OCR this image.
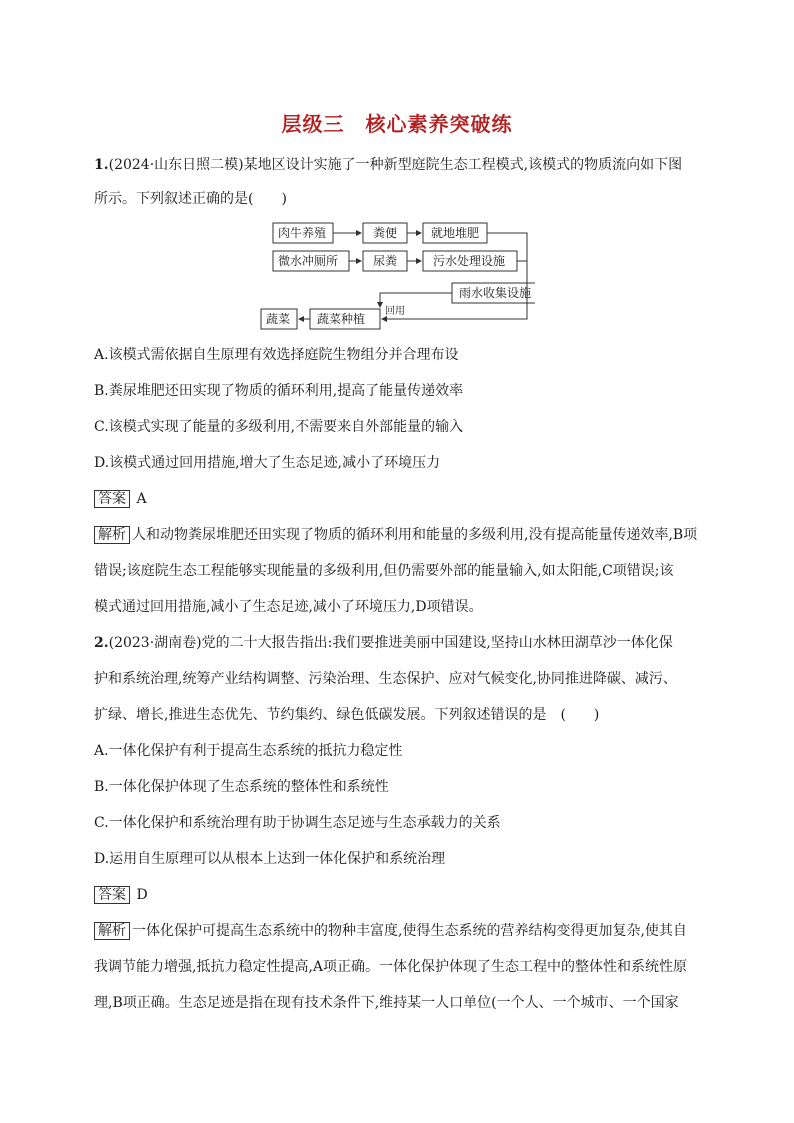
层级三　核心素养突破练
1.(2024·山东日照二模)某地区设计实施了一种新型庭院生态工程模式,该模式的物质流向如下图
所示。下列叙述正确的是(　　)
肉牛养殖	粪便	就地堆肥
微水冲厕所	尿粪	污水处理设施
雨水收集设施
蔬菜种植
蔬菜
回用
A.该模式需依据自生原理有效选择庭院生物组分并合理布设
B.粪尿堆肥还田实现了物质的循环利用,提高了能量传递效率
C.该模式实现了能量的多级利用,不需要来自外部能量的输入
D.该模式通过回用措施,增大了生态足迹,减小了环境压力
答案 A
解析 人和动物粪尿堆肥还田实现了物质的循环利用和能量的多级利用,没有提高能量传递效率,B项
错误;该庭院生态工程能够实现能量的多级利用,但仍需要外部的能量输入,如太阳能,C项错误;该
模式通过回用措施,减小了生态足迹,减小了环境压力,D项错误。
2.(2023·湖南卷)党的二十大报告指出:我们要推进美丽中国建设,坚持山水林田湖草沙一体化保
护和系统治理,统筹产业结构调整、污染治理、生态保护、应对气候变化,协同推进降碳、减污、
扩绿、增长,推进生态优先、节约集约、绿色低碳发展。下列叙述错误的是　(　　)
A.一体化保护有利于提高生态系统的抵抗力稳定性
B.一体化保护体现了生态系统的整体性和系统性
C.一体化保护和系统治理有助于协调生态足迹与生态承载力的关系
D.运用自生原理可以从根本上达到一体化保护和系统治理
答案 D
解析 一体化保护可提高生态系统中的物种丰富度,使得生态系统的营养结构变得更加复杂,使其自
我调节能力增强,抵抗力稳定性提高,A项正确。一体化保护体现了生态工程中的整体性和系统性原
理,B项正确。生态足迹是指在现有技术条件下,维持某一人口单位(一个人、一个城市、一个国家
